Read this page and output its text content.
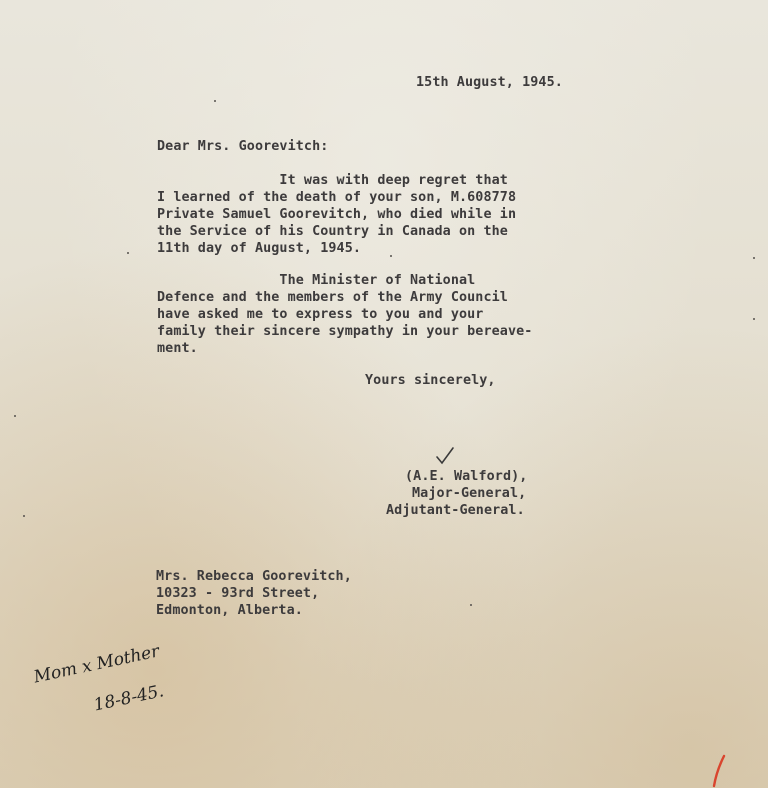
15th August, 1945.
Dear Mrs. Goorevitch:
It was with deep regret that
I learned of the death of your son, M.608778
Private Samuel Goorevitch, who died while in
the Service of his Country in Canada on the
11th day of August, 1945.
The Minister of National
Defence and the members of the Army Council
have asked me to express to you and your
family their sincere sympathy in your bereave-
ment.
Yours sincerely,
(A.E. Walford),
Major-General,
Adjutant-General.
Mrs. Rebecca Goorevitch,
10323 - 93rd Street,
Edmonton, Alberta.
Mom x Mother
18-8-45.
